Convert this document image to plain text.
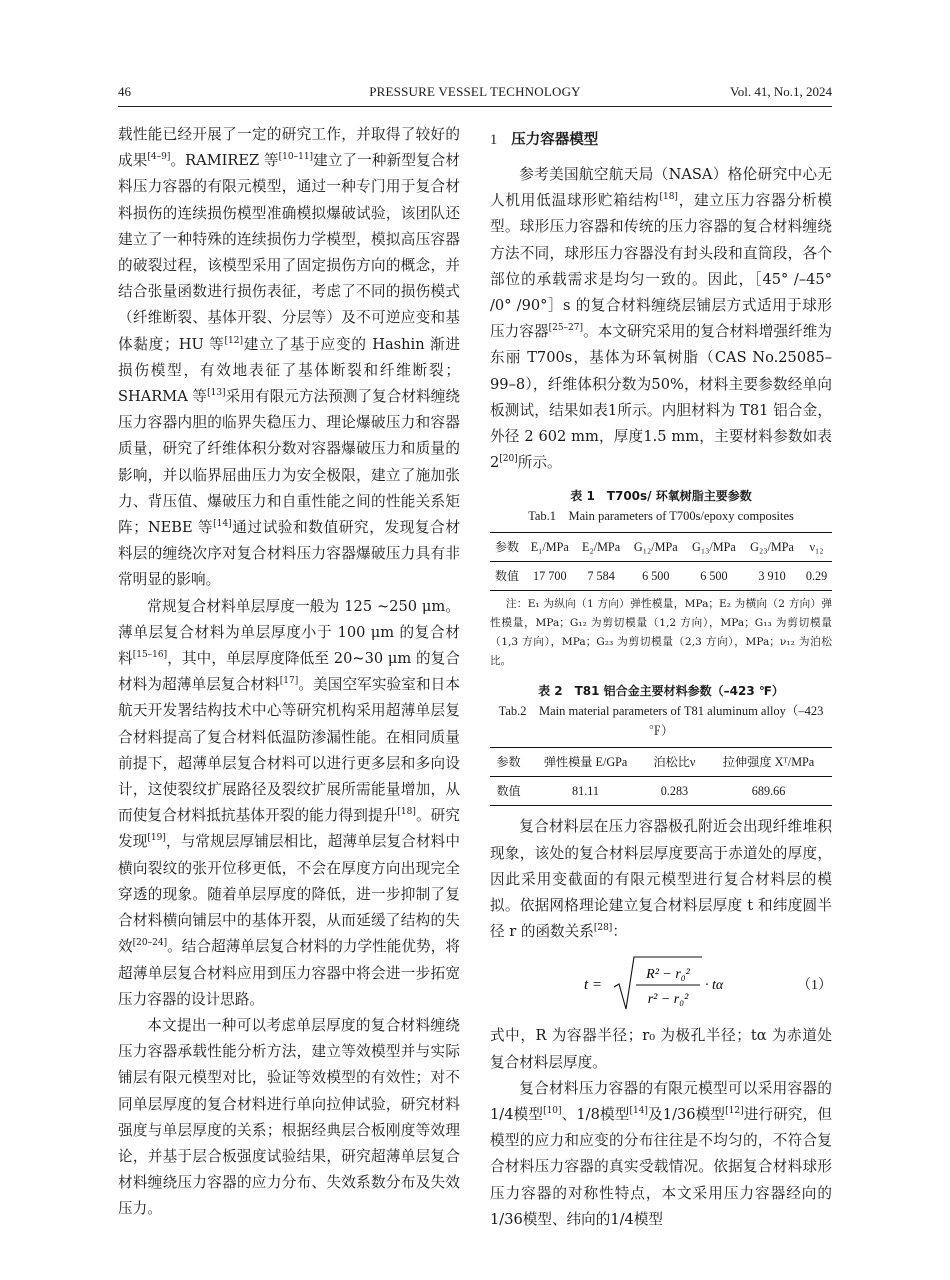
46	PRESSURE VESSEL TECHNOLOGY	Vol. 41, No.1, 2024

载性能已经开展了一定的研究工作，并取得了较好的成果[4–9]。RAMIREZ 等[10–11]建立了一种新型复合材料压力容器的有限元模型，通过一种专门用于复合材料损伤的连续损伤模型准确模拟爆破试验，该团队还建立了一种特殊的连续损伤力学模型，模拟高压容器的破裂过程，该模型采用了固定损伤方向的概念，并结合张量函数进行损伤表征，考虑了不同的损伤模式（纤维断裂、基体开裂、分层等）及不可逆应变和基体黏度；HU 等[12]建立了基于应变的 Hashin 渐进损伤模型，有效地表征了基体断裂和纤维断裂；SHARMA 等[13]采用有限元方法预测了复合材料缠绕压力容器内胆的临界失稳压力、理论爆破压力和容器质量，研究了纤维体积分数对容器爆破压力和质量的影响，并以临界屈曲压力为安全极限，建立了施加张力、背压值、爆破压力和自重性能之间的性能关系矩阵；NEBE 等[14]通过试验和数值研究，发现复合材料层的缠绕次序对复合材料压力容器爆破压力具有非常明显的影响。

常规复合材料单层厚度一般为 125 ~250 μm。薄单层复合材料为单层厚度小于 100 μm 的复合材料[15–16]，其中，单层厚度降低至 20~30 μm 的复合材料为超薄单层复合材料[17]。美国空军实验室和日本航天开发署结构技术中心等研究机构采用超薄单层复合材料提高了复合材料低温防渗漏性能。在相同质量前提下，超薄单层复合材料可以进行更多层和多向设计，这使裂纹扩展路径及裂纹扩展所需能量增加，从而使复合材料抵抗基体开裂的能力得到提升[18]。研究发现[19]，与常规层厚铺层相比，超薄单层复合材料中横向裂纹的张开位移更低，不会在厚度方向出现完全穿透的现象。随着单层厚度的降低，进一步抑制了复合材料横向铺层中的基体开裂，从而延缓了结构的失效[20–24]。结合超薄单层复合材料的力学性能优势，将超薄单层复合材料应用到压力容器中将会进一步拓宽压力容器的设计思路。

本文提出一种可以考虑单层厚度的复合材料缠绕压力容器承载性能分析方法，建立等效模型并与实际铺层有限元模型对比，验证等效模型的有效性；对不同单层厚度的复合材料进行单向拉伸试验，研究材料强度与单层厚度的关系；根据经典层合板刚度等效理论，并基于层合板强度试验结果，研究超薄单层复合材料缠绕压力容器的应力分布、失效系数分布及失效压力。

1 压力容器模型

参考美国航空航天局（NASA）格伦研究中心无人机用低温球形贮箱结构[18]，建立压力容器分析模型。球形压力容器和传统的压力容器的复合材料缠绕方法不同，球形压力容器没有封头段和直筒段，各个部位的承载需求是均匀一致的。因此，［45° /–45° /0° /90°］s 的复合材料缠绕层铺层方式适用于球形压力容器[25–27]。本文研究采用的复合材料增强纤维为东丽 T700s，基体为环氧树脂（CAS No.25085–99–8），纤维体积分数为50%，材料主要参数经单向板测试，结果如表1所示。内胆材料为 T81 铝合金，外径 2 602 mm，厚度1.5 mm，主要材料参数如表2[20]所示。

表 1　T700s/ 环氧树脂主要参数

Tab.1　Main parameters of T700s/epoxy composites

参数	E₁/MPa	E₂/MPa	G₁₂/MPa	G₁₃/MPa	G₂₃/MPa	ν₁₂
数值	17 700	7 584	6 500	6 500	3 910	0.29

注：E₁ 为纵向（1 方向）弹性模量，MPa；E₂ 为横向（2 方向）弹性模量，MPa；G₁₂ 为剪切模量（1,2 方向），MPa；G₁₃ 为剪切模量（1,3 方向），MPa；G₂₃ 为剪切模量（2,3 方向），MPa；ν₁₂ 为泊松比。

表 2　T81 铝合金主要材料参数（–423 ℉）

Tab.2　Main material parameters of T81 aluminum alloy（–423 ℉）

参数	弹性模量 E/GPa	泊松比ν	拉伸强度 Xᵀ/MPa
数值	81.11	0.283	689.66

复合材料层在压力容器极孔附近会出现纤维堆积现象，该处的复合材料层厚度要高于赤道处的厚度，因此采用变截面的有限元模型进行复合材料层的模拟。依据网格理论建立复合材料层厚度 t 和纬度圆半径 r 的函数关系[28]：

t =
R² − r₀²
r² − r₀²
· tα	（1）

式中，R 为容器半径；r₀ 为极孔半径；tα 为赤道处复合材料层厚度。

复合材料压力容器的有限元模型可以采用容器的1/4模型[10]、1/8模型[14]及1/36模型[12]进行研究，但模型的应力和应变的分布往往是不均匀的，不符合复合材料压力容器的真实受载情况。依据复合材料球形压力容器的对称性特点，本文采用压力容器经向的1/36模型、纬向的1/4模型
